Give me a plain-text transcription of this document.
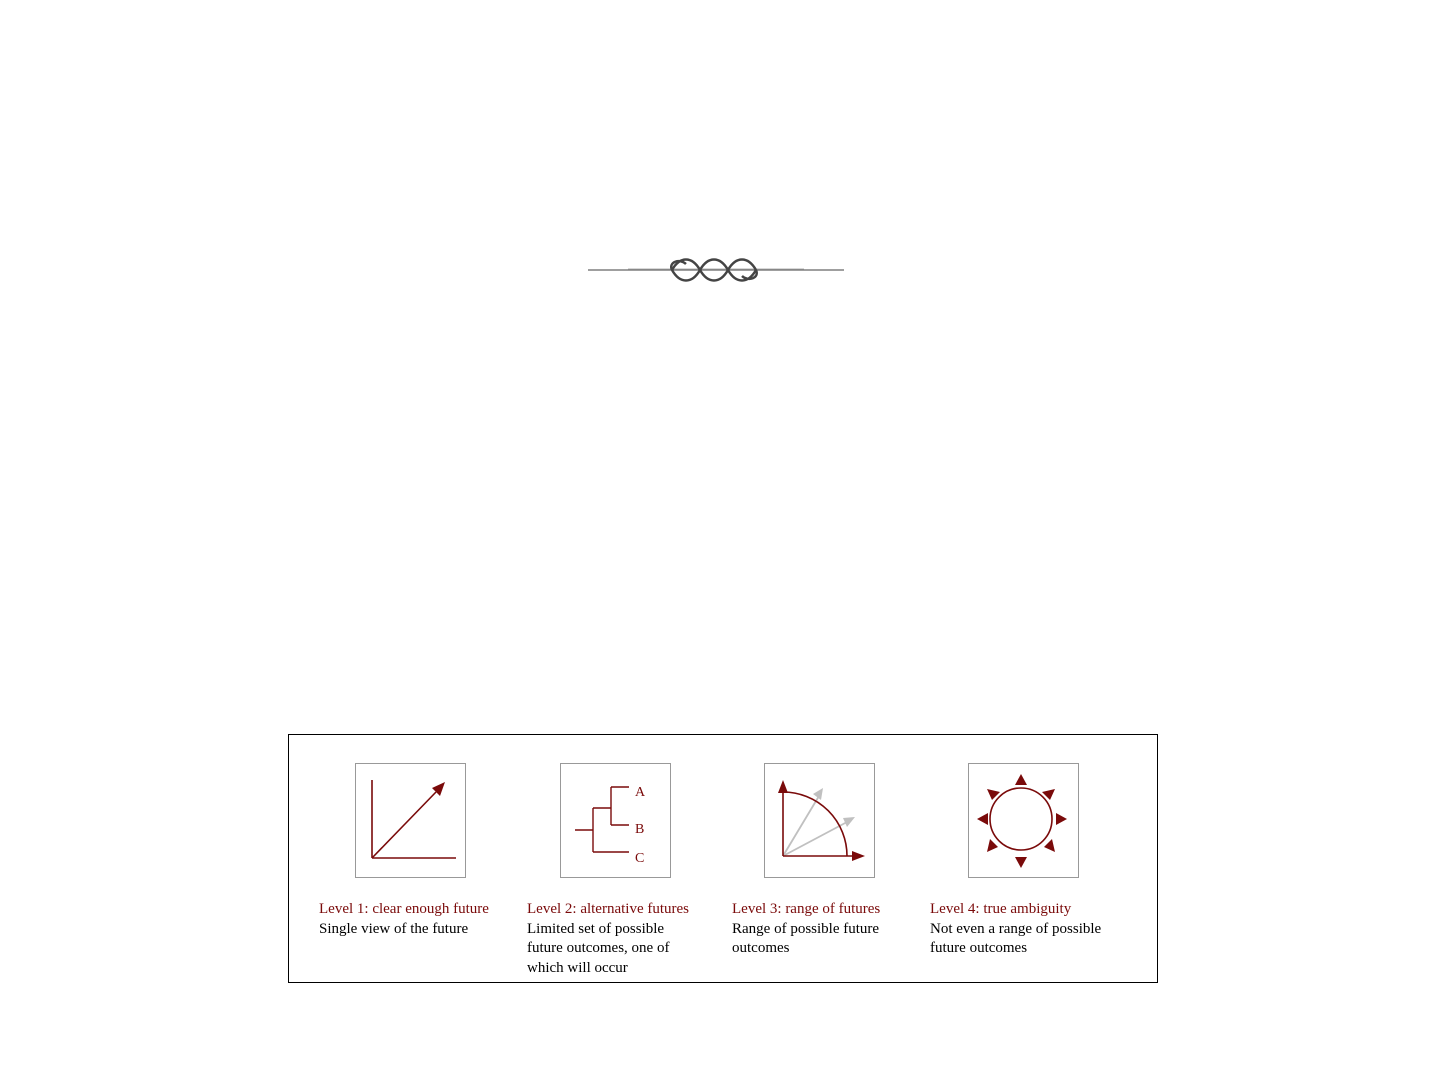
A
B
C
Level 1: clear enough future
Single view of the future
Level 2: alternative futures
Limited set of possible future outcomes, one of which will occur
Level 3: range of futures
Range of possible future outcomes
Level 4: true ambiguity
Not even a range of possible future outcomes
